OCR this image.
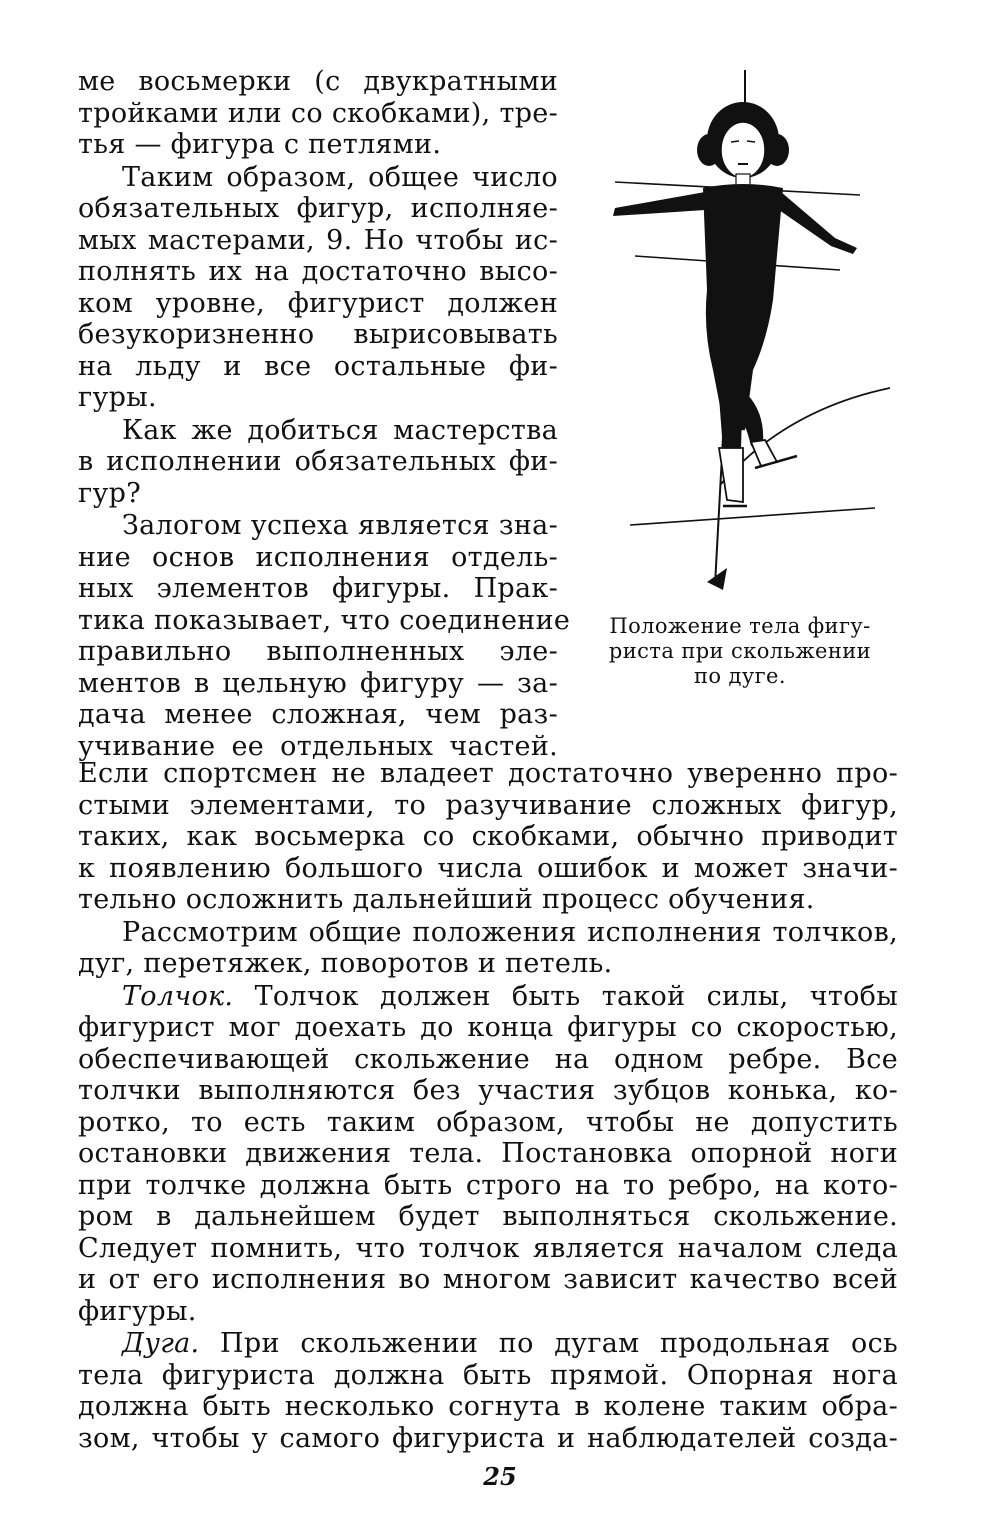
ме восьмерки (с двукратными
тройками или со скобками), тре-
тья — фигура с петлями.
Таким образом, общее число
обязательных фигур, исполняе-
мых мастерами, 9. Но чтобы ис-
полнять их на достаточно высо-
ком уровне, фигурист должен
безукоризненно вырисовывать
на льду и все остальные фи-
гуры.
Как же добиться мастерства
в исполнении обязательных фи-
гур?
Залогом успеха является зна-
ние основ исполнения отдель-
ных элементов фигуры. Прак-
тика показывает, что соединение
правильно выполненных эле-
ментов в цельную фигуру — за-
дача менее сложная, чем раз-
учивание ее отдельных частей.
Положение тела фигу-
риста при скольжении
по дуге.
Если спортсмен не владеет достаточно уверенно про-
стыми элементами, то разучивание сложных фигур,
таких, как восьмерка со скобками, обычно приводит
к появлению большого числа ошибок и может значи-
тельно осложнить дальнейший процесс обучения.
Рассмотрим общие положения исполнения толчков,
дуг, перетяжек, поворотов и петель.
Толчок. Толчок должен быть такой силы, чтобы
фигурист мог доехать до конца фигуры со скоростью,
обеспечивающей скольжение на одном ребре. Все
толчки выполняются без участия зубцов конька, ко-
ротко, то есть таким образом, чтобы не допустить
остановки движения тела. Постановка опорной ноги
при толчке должна быть строго на то ребро, на кото-
ром в дальнейшем будет выполняться скольжение.
Следует помнить, что толчок является началом следа
и от его исполнения во многом зависит качество всей
фигуры.
Дуга. При скольжении по дугам продольная ось
тела фигуриста должна быть прямой. Опорная нога
должна быть несколько согнута в колене таким обра-
зом, чтобы у самого фигуриста и наблюдателей созда-
25
